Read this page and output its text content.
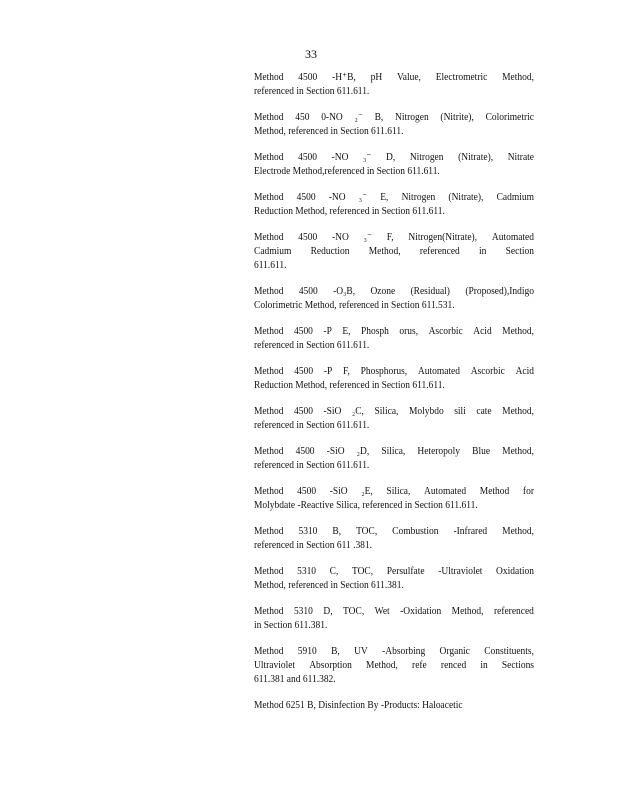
33
Method 4500 -H⁺B, pH Value, Electrometric Method,
referenced in Section 611.611.
Method 450 0-NO ₂⁻ B, Nitrogen (Nitrite), Colorimetric
Method, referenced in Section 611.611.
Method 4500 -NO ₃⁻ D, Nitrogen (Nitrate), Nitrate
Electrode Method,referenced in Section 611.611.
Method 4500 -NO ₃⁻ E, Nitrogen (Nitrate), Cadmium
Reduction Method, referenced in Section 611.611.
Method 4500 -NO ₃⁻ F, Nitrogen(Nitrate), Automated
Cadmium Reduction Method, referenced in Section
611.611.
Method 4500 -O₃B, Ozone (Residual) (Proposed),Indigo
Colorimetric Method, referenced in Section 611.531.
Method 4500 -P E, Phosph orus, Ascorbic Acid Method,
referenced in Section 611.611.
Method 4500 -P F, Phosphorus, Automated Ascorbic Acid
Reduction Method, referenced in Section 611.611.
Method 4500 -SiO ₂C, Silica, Molybdo sili cate Method,
referenced in Section 611.611.
Method 4500 -SiO ₂D, Silica, Heteropoly Blue Method,
referenced in Section 611.611.
Method 4500 -SiO ₂E, Silica, Automated Method for
Molybdate -Reactive Silica, referenced in Section 611.611.
Method 5310 B, TOC, Combustion -Infrared Method,
referenced in Section 611 .381.
Method 5310 C, TOC, Persulfate -Ultraviolet Oxidation
Method, referenced in Section 611.381.
Method 5310 D, TOC, Wet -Oxidation Method, referenced
in Section 611.381.
Method 5910 B, UV -Absorbing Organic Constituents,
Ultraviolet Absorption Method, refe renced in Sections
611.381 and 611.382.
Method 6251 B, Disinfection By -Products: Haloacetic
